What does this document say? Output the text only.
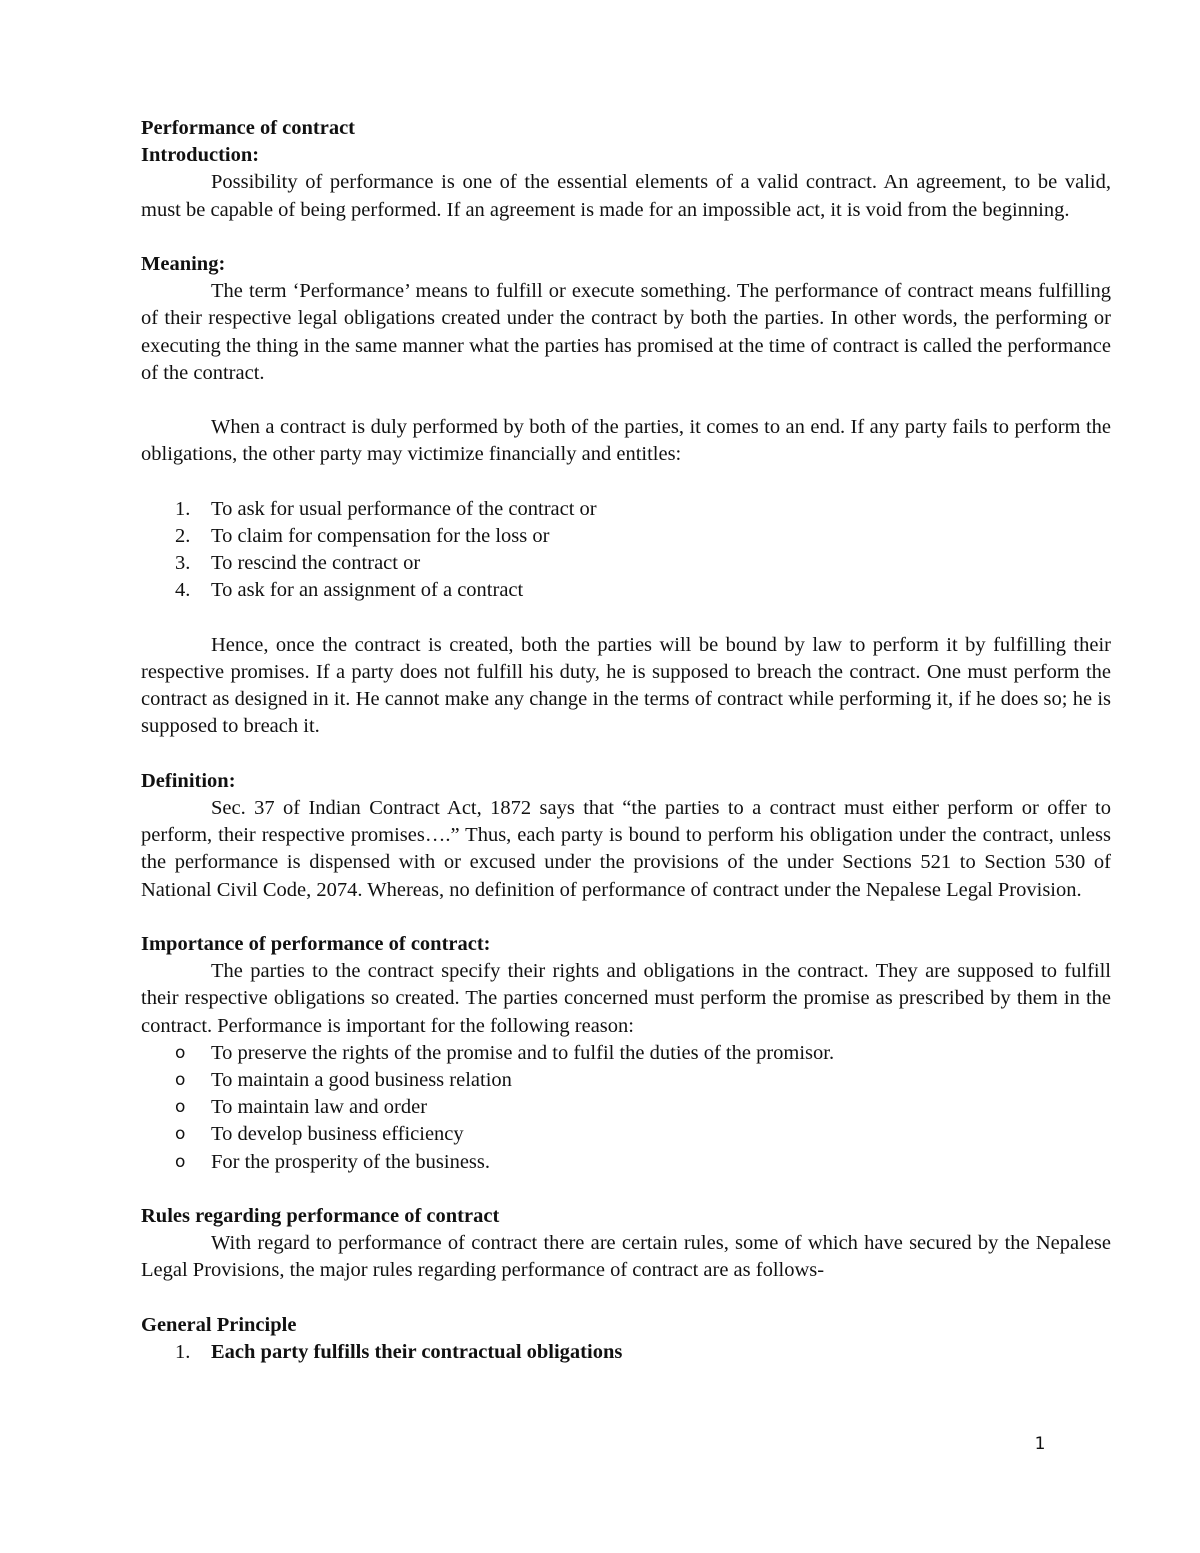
Performance of contract

Introduction:

Possibility of performance is one of the essential elements of a valid contract. An agreement, to be valid, must be capable of being performed. If an agreement is made for an impossible act, it is void from the beginning.

Meaning:

The term ‘Performance’ means to fulfill or execute something. The performance of contract means fulfilling of their respective legal obligations created under the contract by both the parties. In other words, the performing or executing the thing in the same manner what the parties has promised at the time of contract is called the performance of the contract.

When a contract is duly performed by both of the parties, it comes to an end. If any party fails to perform the obligations, the other party may victimize financially and entitles:

1. To ask for usual performance of the contract or
2. To claim for compensation for the loss or
3. To rescind the contract or
4. To ask for an assignment of a contract

Hence, once the contract is created, both the parties will be bound by law to perform it by fulfilling their respective promises. If a party does not fulfill his duty, he is supposed to breach the contract. One must perform the contract as designed in it. He cannot make any change in the terms of contract while performing it, if he does so; he is supposed to breach it.

Definition:

Sec. 37 of Indian Contract Act, 1872 says that “the parties to a contract must either perform or offer to perform, their respective promises….” Thus, each party is bound to perform his obligation under the contract, unless the performance is dispensed with or excused under the provisions of the under Sections 521 to Section 530 of National Civil Code, 2074. Whereas, no definition of performance of contract under the Nepalese Legal Provision.

Importance of performance of contract:

The parties to the contract specify their rights and obligations in the contract. They are supposed to fulfill their respective obligations so created. The parties concerned must perform the promise as prescribed by them in the contract. Performance is important for the following reason:

o To preserve the rights of the promise and to fulfil the duties of the promisor.
o To maintain a good business relation
o To maintain law and order
o To develop business efficiency
o For the prosperity of the business.

Rules regarding performance of contract

With regard to performance of contract there are certain rules, some of which have secured by the Nepalese Legal Provisions, the major rules regarding performance of contract are as follows-

General Principle

1. Each party fulfills their contractual obligations
1
